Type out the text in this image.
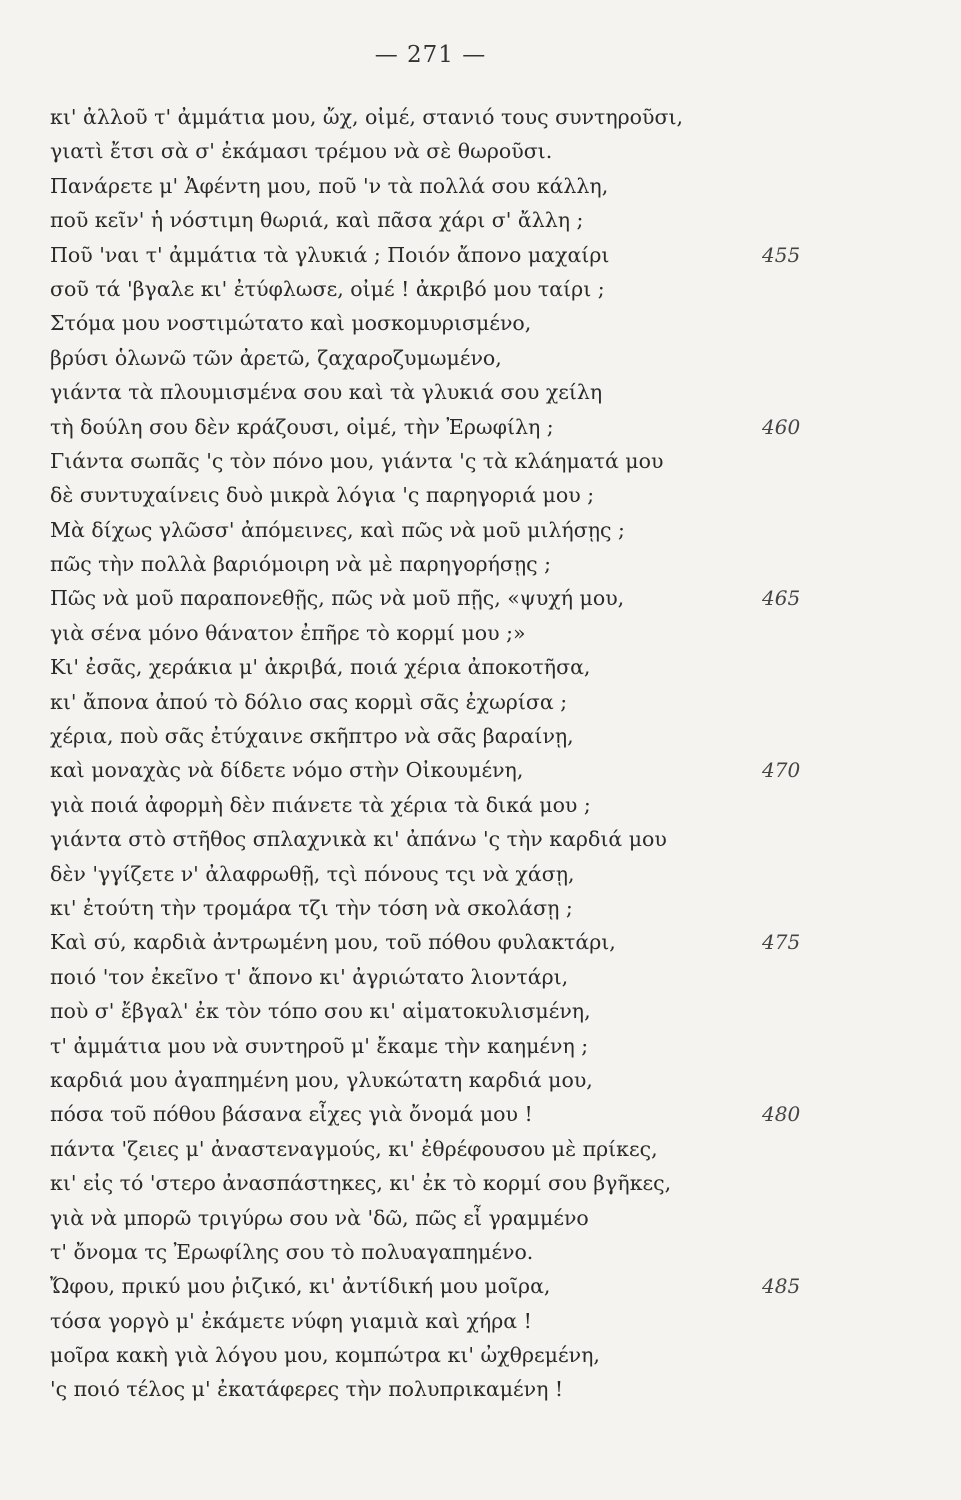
— 271 —
κι' ἀλλοῦ τ' ἀμμάτια μου, ὤχ, οἰμέ, στανιό τους συντηροῦσι,
γιατὶ ἔτσι σὰ σ' ἐκάμασι τρέμου νὰ σὲ θωροῦσι.
Πανάρετε μ' Ἀφέντη μου, ποῦ 'ν τὰ πολλά σου κάλλη,
ποῦ κεῖν' ἡ νόστιμη θωριά, καὶ πᾶσα χάρι σ' ἄλλη ;
Ποῦ 'ναι τ' ἀμμάτια τὰ γλυκιά ; Ποιόν ἄπονο μαχαίρι	455
σοῦ τά 'βγαλε κι' ἐτύφλωσε, οἰμέ ! ἀκριβό μου ταίρι ;
Στόμα μου νοστιμώτατο καὶ μοσκομυρισμένο,
βρύσι ὁλωνῶ τῶν ἀρετῶ, ζαχαροζυμωμένο,
γιάντα τὰ πλουμισμένα σου καὶ τὰ γλυκιά σου χείλη
τὴ δούλη σου δὲν κράζουσι, οἰμέ, τὴν Ἐρωφίλη ;	460
Γιάντα σωπᾶς 'ς τὸν πόνο μου, γιάντα 'ς τὰ κλάηματά μου
δὲ συντυχαίνεις δυὸ μικρὰ λόγια 'ς παρηγοριά μου ;
Μὰ δίχως γλῶσσ' ἀπόμεινες, καὶ πῶς νὰ μοῦ μιλήσῃς ;
πῶς τὴν πολλὰ βαριόμοιρη νὰ μὲ παρηγορήσῃς ;
Πῶς νὰ μοῦ παραπονεθῇς, πῶς νὰ μοῦ πῇς, «ψυχή μου,	465
γιὰ σένα μόνο θάνατον ἐπῆρε τὸ κορμί μου ;»
Κι' ἐσᾶς, χεράκια μ' ἀκριβά, ποιά χέρια ἀποκοτῆσα,
κι' ἄπονα ἀπού τὸ δόλιο σας κορμὶ σᾶς ἐχωρίσα ;
χέρια, ποὺ σᾶς ἐτύχαινε σκῆπτρο νὰ σᾶς βαραίνῃ,
καὶ μοναχὰς νὰ δίδετε νόμο στὴν Οἰκουμένη,	470
γιὰ ποιά ἀφορμὴ δὲν πιάνετε τὰ χέρια τὰ δικά μου ;
γιάντα στὸ στῆθος σπλαχνικὰ κι' ἀπάνω 'ς τὴν καρδιά μου
δὲν 'γγίζετε ν' ἀλαφρωθῇ, τςὶ πόνους τςι νὰ χάσῃ,
κι' ἐτούτη τὴν τρομάρα τζι τὴν τόση νὰ σκολάσῃ ;
Καὶ σύ, καρδιὰ ἀντρωμένη μου, τοῦ πόθου φυλακτάρι,	475
ποιό 'τον ἐκεῖνο τ' ἄπονο κι' ἀγριώτατο λιοντάρι,
ποὺ σ' ἔβγαλ' ἐκ τὸν τόπο σου κι' αἱματοκυλισμένη,
τ' ἀμμάτια μου νὰ συντηροῦ μ' ἔκαμε τὴν καημένη ;
καρδιά μου ἀγαπημένη μου, γλυκώτατη καρδιά μου,
πόσα τοῦ πόθου βάσανα εἶχες γιὰ ὄνομά μου !	480
πάντα 'ζειες μ' ἀναστεναγμούς, κι' ἐθρέφουσου μὲ πρίκες,
κι' εἰς τό 'στερο ἀνασπάστηκες, κι' ἐκ τὸ κορμί σου βγῆκες,
γιὰ νὰ μπορῶ τριγύρω σου νὰ 'δῶ, πῶς εἶ γραμμένο
τ' ὄνομα τς Ἐρωφίλης σου τὸ πολυαγαπημένο.
Ὤφου, πρικύ μου ῥιζικό, κι' ἀντίδική μου μοῖρα,	485
τόσα γοργὸ μ' ἐκάμετε νύφη γιαμιὰ καὶ χήρα !
μοῖρα κακὴ γιὰ λόγου μου, κομπώτρα κι' ὠχθρεμένη,
'ς ποιό τέλος μ' ἐκατάφερες τὴν πολυπρικαμένη !
